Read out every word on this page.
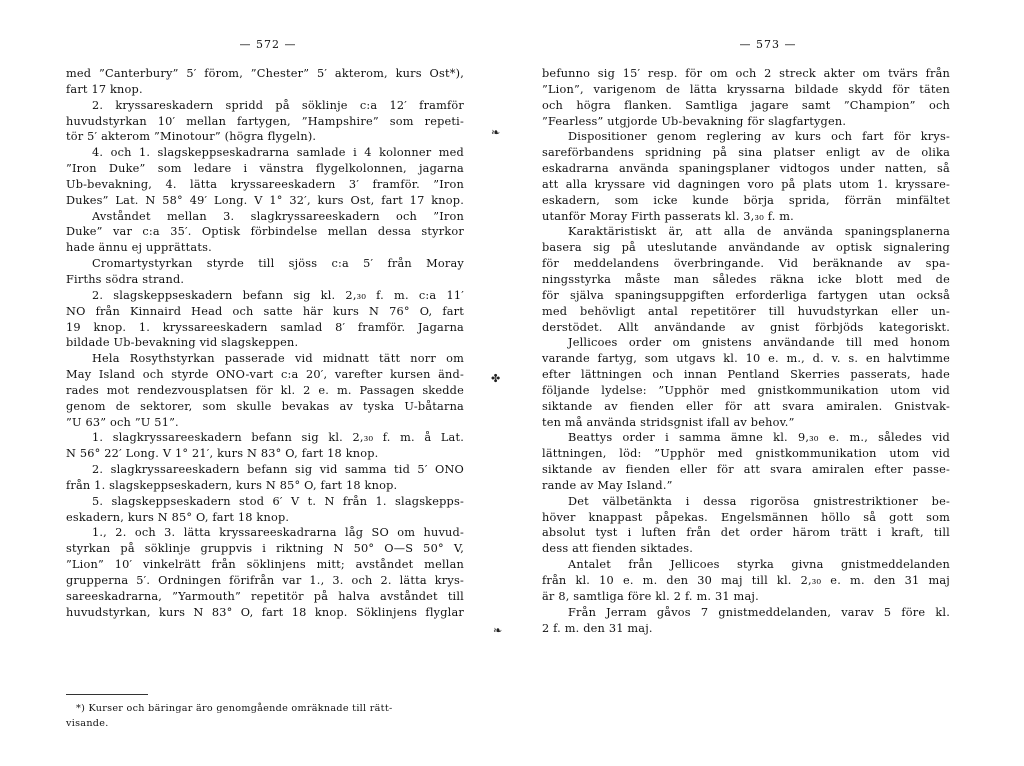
— 572 —
med ”Canterbury” 5′ förom, ”Chester” 5′ akterom, kurs Ost*),
fart 17 knop.
2. kryssareskadern spridd på söklinje c:a 12′ framför
huvudstyrkan 10′ mellan fartygen, ”Hampshire” som repeti-
tör 5′ akterom ”Minotour” (högra flygeln).
4. och 1. slagskeppseskadrarna samlade i 4 kolonner med
”Iron Duke” som ledare i vänstra flygelkolonnen, jagarna
Ub-bevakning, 4. lätta kryssareeskadern 3′ framför. ”Iron
Dukes” Lat. N 58° 49′ Long. V 1° 32′, kurs Ost, fart 17 knop.
Avståndet mellan 3. slagkryssareeskadern och ”Iron
Duke” var c:a 35′. Optisk förbindelse mellan dessa styrkor
hade ännu ej upprättats.
Cromartystyrkan styrde till sjöss c:a 5′ från Moray
Firths södra strand.
2. slagskeppseskadern befann sig kl. 2,₃₀ f. m. c:a 11′
NO från Kinnaird Head och satte här kurs N 76° O, fart
19 knop. 1. kryssareeskadern samlad 8′ framför. Jagarna
bildade Ub-bevakning vid slagskeppen.
Hela Rosythstyrkan passerade vid midnatt tätt norr om
May Island och styrde ONO-vart c:a 20′, varefter kursen änd-
rades mot rendezvousplatsen för kl. 2 e. m. Passagen skedde
genom de sektorer, som skulle bevakas av tyska U-båtarna
”U 63” och ”U 51”.
1. slagkryssareeskadern befann sig kl. 2,₃₀ f. m. å Lat.
N 56° 22′ Long. V 1° 21′, kurs N 83° O, fart 18 knop.
2. slagkryssareeskadern befann sig vid samma tid 5′ ONO
från 1. slagskeppseskadern, kurs N 85° O, fart 18 knop.
5. slagskeppseskadern stod 6′ V t. N från 1. slagskepps-
eskadern, kurs N 85° O, fart 18 knop.
1., 2. och 3. lätta kryssareeskadrarna låg SO om huvud-
styrkan på söklinje gruppvis i riktning N 50° O—S 50° V,
”Lion” 10′ vinkelrätt från söklinjens mitt; avståndet mellan
grupperna 5′. Ordningen förifrån var 1., 3. och 2. lätta krys-
sareeskadrarna, ”Yarmouth” repetitör på halva avståndet till
huvudstyrkan, kurs N 83° O, fart 18 knop. Söklinjens flyglar
*) Kurser och bäringar äro genomgående omräknade till rätt-
visande.
— 573 —
befunno sig 15′ resp. för om och 2 streck akter om tvärs från
”Lion”, varigenom de lätta kryssarna bildade skydd för täten
och högra flanken. Samtliga jagare samt ”Champion” och
”Fearless” utgjorde Ub-bevakning för slagfartygen.
Dispositioner genom reglering av kurs och fart för krys-
sareförbandens spridning på sina platser enligt av de olika
eskadrarna använda spaningsplaner vidtogos under natten, så
att alla kryssare vid dagningen voro på plats utom 1. kryssare-
eskadern, som icke kunde börja sprida, förrän minfältet
utanför Moray Firth passerats kl. 3,₃₀ f. m.
Karaktäristiskt är, att alla de använda spaningsplanerna
basera sig på uteslutande användande av optisk signalering
för meddelandens överbringande. Vid beräknande av spa-
ningsstyrka måste man således räkna icke blott med de
för själva spaningsuppgiften erforderliga fartygen utan också
med behövligt antal repetitörer till huvudstyrkan eller un-
derstödet. Allt användande av gnist förbjöds kategoriskt.
Jellicoes order om gnistens användande till med honom
varande fartyg, som utgavs kl. 10 e. m., d. v. s. en halvtimme
efter lättningen och innan Pentland Skerries passerats, hade
följande lydelse: ”Upphör med gnistkommunikation utom vid
siktande av fienden eller för att svara amiralen. Gnistvak-
ten må använda stridsgnist ifall av behov.”
Beattys order i samma ämne kl. 9,₃₀ e. m., således vid
lättningen, löd: ”Upphör med gnistkommunikation utom vid
siktande av fienden eller för att svara amiralen efter passe-
rande av May Island.”
Det välbetänkta i dessa rigorösa gnistrestriktioner be-
höver knappast påpekas. Engelsmännen höllo så gott som
absolut tyst i luften från det order härom trätt i kraft, till
dess att fienden siktades.
Antalet från Jellicoes styrka givna gnistmeddelanden
från kl. 10 e. m. den 30 maj till kl. 2,₃₀ e. m. den 31 maj
är 8, samtliga före kl. 2 f. m. 31 maj.
Från Jerram gåvos 7 gnistmeddelanden, varav 5 före kl.
2 f. m. den 31 maj.
❧
✤
❧
